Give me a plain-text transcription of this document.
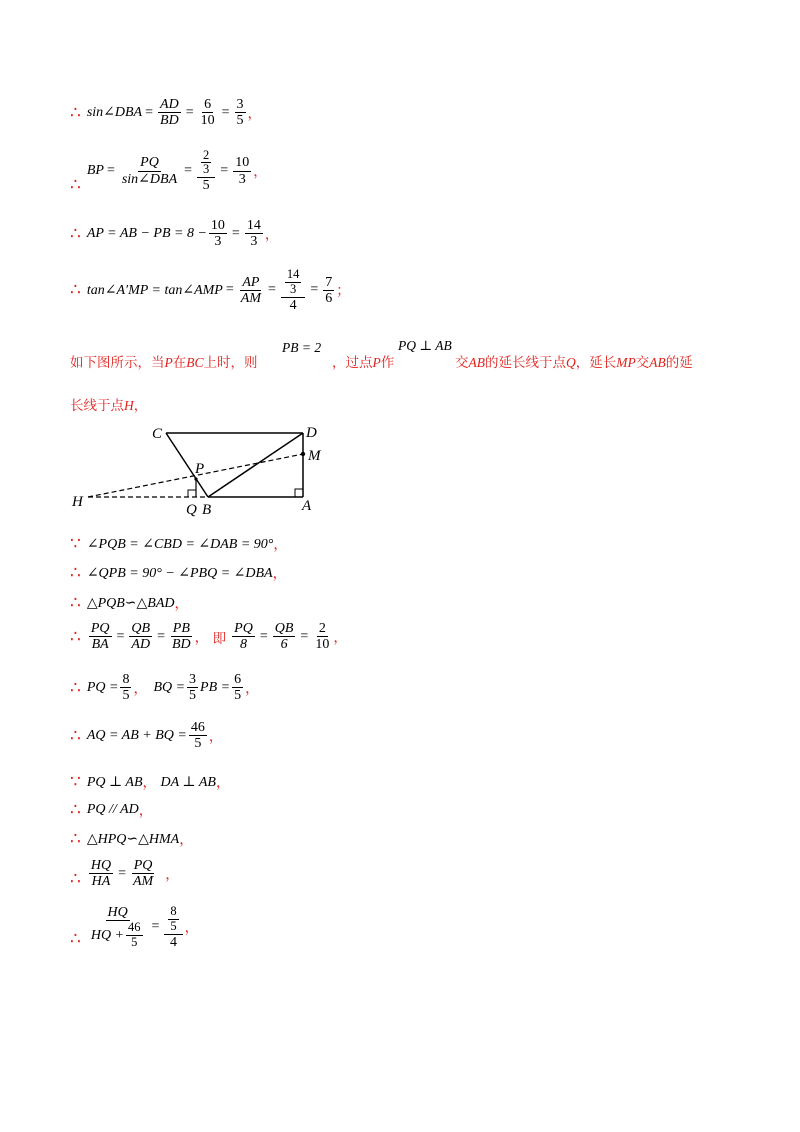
∴ sin∠DBA = $\frac{AD}{BD} = \frac{6}{10} = \frac{3}{5}$ ，
∴
BP = $\frac{PQ}{\text{sin∠DBA}} = \frac{\frac{2}{3}}{5} = \frac{10}{3}$ ，
∴ AP = AB − PB = $8 - \frac{10}{3} = \frac{14}{3}$ ，
∴ tan∠A′MP = tan∠AMP = $\frac{AP}{AM} = \frac{\frac{14}{3}}{4} = \frac{7}{6}$ ；
如下图所示，当P在BC上时，则
PB = 2
，过点P作
PQ ⊥ AB
交AB的延长线于点Q，延长MP交AB的延
长线于点H，
C	D
M
P
H	Q B	A
∵ ∠PQB = ∠CBD = ∠DAB = 90° ，
∴ ∠QPB = 90° − ∠PBQ = ∠DBA ，
∴ △PQB∽△BAD ，
∴ $\frac{PQ}{BA} = \frac{QB}{AD} = \frac{PB}{BD}$ ， 即 $\frac{PQ}{8} = \frac{QB}{6} = \frac{2}{10}$ ，
∴ PQ = $\frac{8}{5}$ ， BQ = $\frac{3}{5}$ PB = $\frac{6}{5}$ ，
∴ AQ = AB + BQ = $\frac{46}{5}$ ，
∵ PQ ⊥ AB ， DA ⊥ AB ，
∴ PQ // AD ，
∴ △HPQ∽△HMA ，
∴ $\frac{HQ}{HA} = \frac{PQ}{AM}$ ，
∴ $\frac{HQ}{HQ + \frac{46}{5}} = \frac{\frac{8}{5}}{4}$ ，
